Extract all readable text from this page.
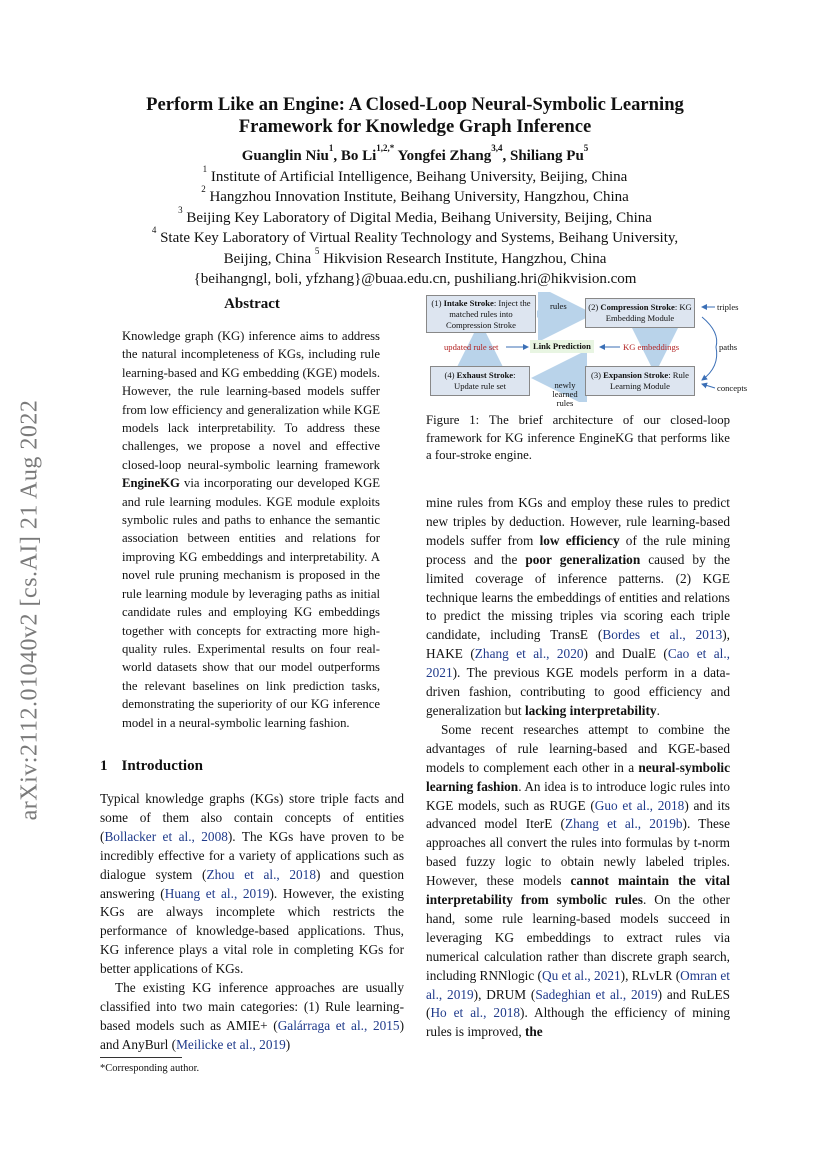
arXiv:2112.01040v2 [cs.AI] 21 Aug 2022
Perform Like an Engine: A Closed-Loop Neural-Symbolic Learning
Framework for Knowledge Graph Inference
Guanglin Niu$^1$, Bo $Li^{1,2,*}$ Yongfei Zhang$^{3,4}$, Shiliang Pu$^5$
$^1$ Institute of Artificial Intelligence, Beihang University, Beijing, China
$^2$ Hangzhou Innovation Institute, Beihang University, Hangzhou, China
$^3$ Beijing Key Laboratory of Digital Media, Beihang University, Beijing, China
$^4$ State Key Laboratory of Virtual Reality Technology and Systems, Beihang University,
Beijing, China $^5$ Hikvision Research Institute, Hangzhou, China
{beihangngl, boli, yfzhang}@buaa.edu.cn, pushiliang.hri@hikvision.com
Abstract

Knowledge graph (KG) inference aims to address the natural incompleteness of KGs, including rule learning-based and KG embedding (KGE) models. However, the rule learning-based models suffer from low efficiency and generalization while KGE models lack interpretability. To address these challenges, we propose a novel and effective closed-loop neural-symbolic learning framework EngineKG via incorporating our developed KGE and rule learning modules. KGE module exploits symbolic rules and paths to enhance the semantic association between entities and relations for improving KG embeddings and interpretability. A novel rule pruning mechanism is proposed in the rule learning module by leveraging paths as initial candidate rules and employing KG embeddings together with concepts for extracting more high-quality rules. Experimental results on four real-world datasets show that our model outperforms the relevant baselines on link prediction tasks, demonstrating the superiority of our KG inference model in a neural-symbolic learning fashion.

1 Introduction

Typical knowledge graphs (KGs) store triple facts and some of them also contain concepts of entities (Bollacker et al., 2008). The KGs have proven to be incredibly effective for a variety of applications such as dialogue system (Zhou et al., 2018) and question answering (Huang et al., 2019). However, the existing KGs are always incomplete which restricts the performance of knowledge-based applications. Thus, KG inference plays a vital role in completing KGs for better applications of KGs.

The existing KG inference approaches are usually classified into two main categories: (1) Rule learning-based models such as AMIE+ (Galárraga et al., 2015) and AnyBurl (Meilicke et al., 2019)

*Corresponding author.
(1) Intake Stroke: Inject the matched rules into Compression Stroke
(2) Compression Stroke: KG Embedding Module
(3) Expansion Stroke: Rule Learning Module
(4) Exhaust Stroke: Update rule set
rules	triples
paths
concepts
updated rule set	Link Prediction	KG embeddings
newly learned rules
Figure 1: The brief architecture of our closed-loop framework for KG inference EngineKG that performs like a four-stroke engine.

mine rules from KGs and employ these rules to predict new triples by deduction. However, rule learning-based models suffer from low efficiency of the rule mining process and the poor generalization caused by the limited coverage of inference patterns. (2) KGE technique learns the embeddings of entities and relations to predict the missing triples via scoring each triple candidate, including TransE (Bordes et al., 2013), HAKE (Zhang et al., 2020) and DualE (Cao et al., 2021). The previous KGE models perform in a data-driven fashion, contributing to good efficiency and generalization but lacking interpretability.

Some recent researches attempt to combine the advantages of rule learning-based and KGE-based models to complement each other in a neural-symbolic learning fashion. An idea is to introduce logic rules into KGE models, such as RUGE (Guo et al., 2018) and its advanced model IterE (Zhang et al., 2019b). These approaches all convert the rules into formulas by t-norm based fuzzy logic to obtain newly labeled triples. However, these models cannot maintain the vital interpretability from symbolic rules. On the other hand, some rule learning-based models succeed in leveraging KG embeddings to extract rules via numerical calculation rather than discrete graph search, including RNNlogic (Qu et al., 2021), RLvLR (Omran et al., 2019), DRUM (Sadeghian et al., 2019) and RuLES (Ho et al., 2018). Although the efficiency of mining rules is improved, the
